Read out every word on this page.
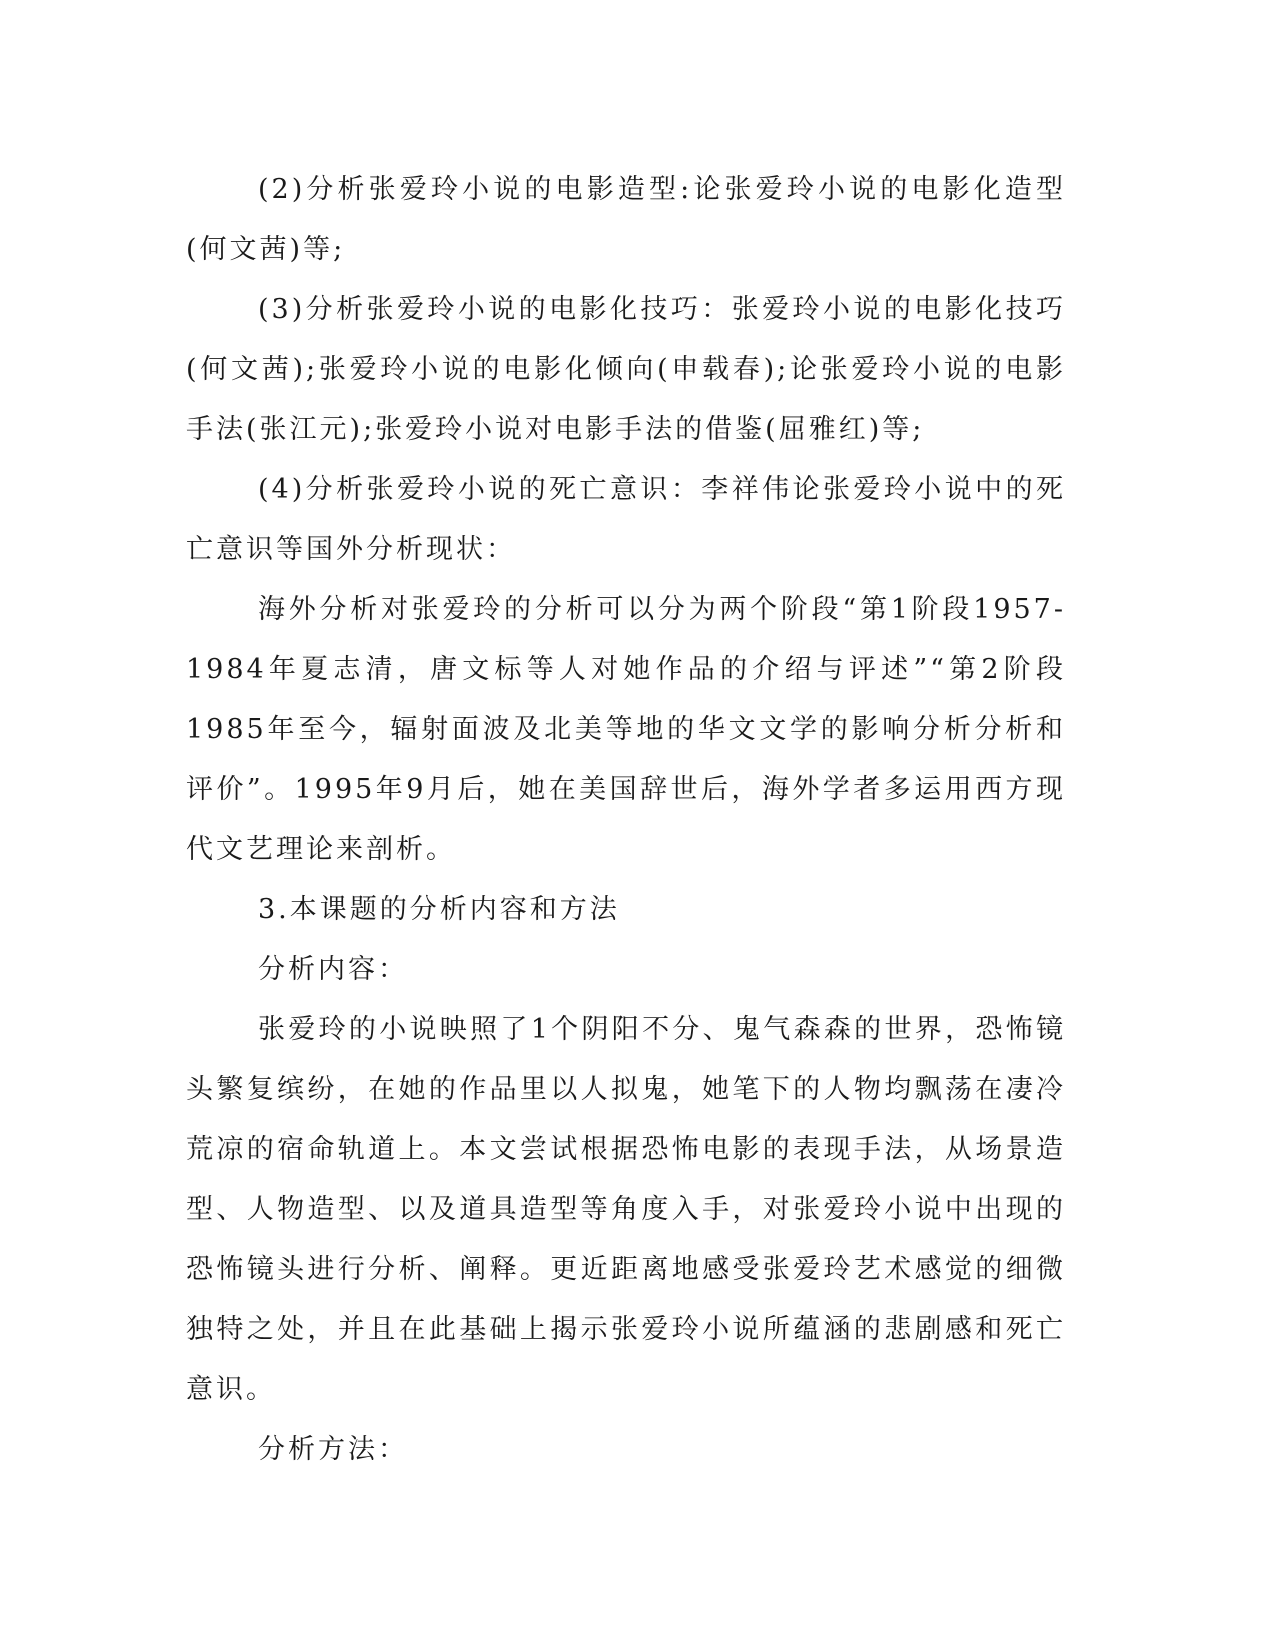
(2)分析张爱玲小说的电影造型:论张爱玲小说的电影化造型(何文茜)等;

(3)分析张爱玲小说的电影化技巧：张爱玲小说的电影化技巧(何文茜);张爱玲小说的电影化倾向(申载春);论张爱玲小说的电影手法(张江元);张爱玲小说对电影手法的借鉴(屈雅红)等;

(4)分析张爱玲小说的死亡意识：李祥伟论张爱玲小说中的死亡意识等国外分析现状：

海外分析对张爱玲的分析可以分为两个阶段“第1阶段1957-1984年夏志清，唐文标等人对她作品的介绍与评述”“第2阶段1985年至今，辐射面波及北美等地的华文文学的影响分析分析和评价”。1995年9月后，她在美国辞世后，海外学者多运用西方现代文艺理论来剖析。

3.本课题的分析内容和方法

分析内容：

张爱玲的小说映照了1个阴阳不分、鬼气森森的世界，恐怖镜头繁复缤纷，在她的作品里以人拟鬼，她笔下的人物均飘荡在凄冷荒凉的宿命轨道上。本文尝试根据恐怖电影的表现手法，从场景造型、人物造型、以及道具造型等角度入手，对张爱玲小说中出现的恐怖镜头进行分析、阐释。更近距离地感受张爱玲艺术感觉的细微独特之处，并且在此基础上揭示张爱玲小说所蕴涵的悲剧感和死亡意识。

分析方法：
